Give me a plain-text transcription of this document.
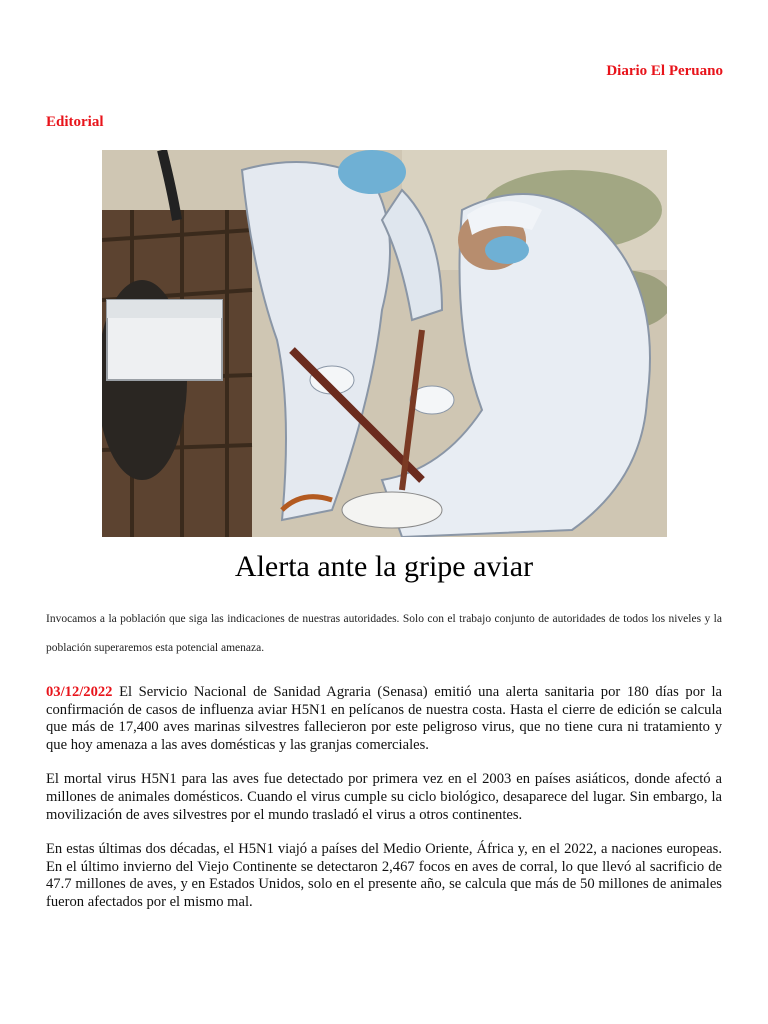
Diario El Peruano
Editorial
Alerta ante la gripe aviar

Invocamos a la población que siga las indicaciones de nuestras autoridades. Solo con el trabajo conjunto de autoridades de todos los niveles y la población superaremos esta potencial amenaza.

03/12/2022 El Servicio Nacional de Sanidad Agraria (Senasa) emitió una alerta sanitaria por 180 días por la confirmación de casos de influenza aviar H5N1 en pelícanos de nuestra costa. Hasta el cierre de edición se calcula que más de 17,400 aves marinas silvestres fallecieron por este peligroso virus, que no tiene cura ni tratamiento y que hoy amenaza a las aves domésticas y las granjas comerciales.

El mortal virus H5N1 para las aves fue detectado por primera vez en el 2003 en países asiáticos, donde afectó a millones de animales domésticos. Cuando el virus cumple su ciclo biológico, desaparece del lugar. Sin embargo, la movilización de aves silvestres por el mundo trasladó el virus a otros continentes.

En estas últimas dos décadas, el H5N1 viajó a países del Medio Oriente, África y, en el 2022, a naciones europeas. En el último invierno del Viejo Continente se detectaron 2,467 focos en aves de corral, lo que llevó al sacrificio de 47.7 millones de aves, y en Estados Unidos, solo en el presente año, se calcula que más de 50 millones de animales fueron afectados por el mismo mal.
